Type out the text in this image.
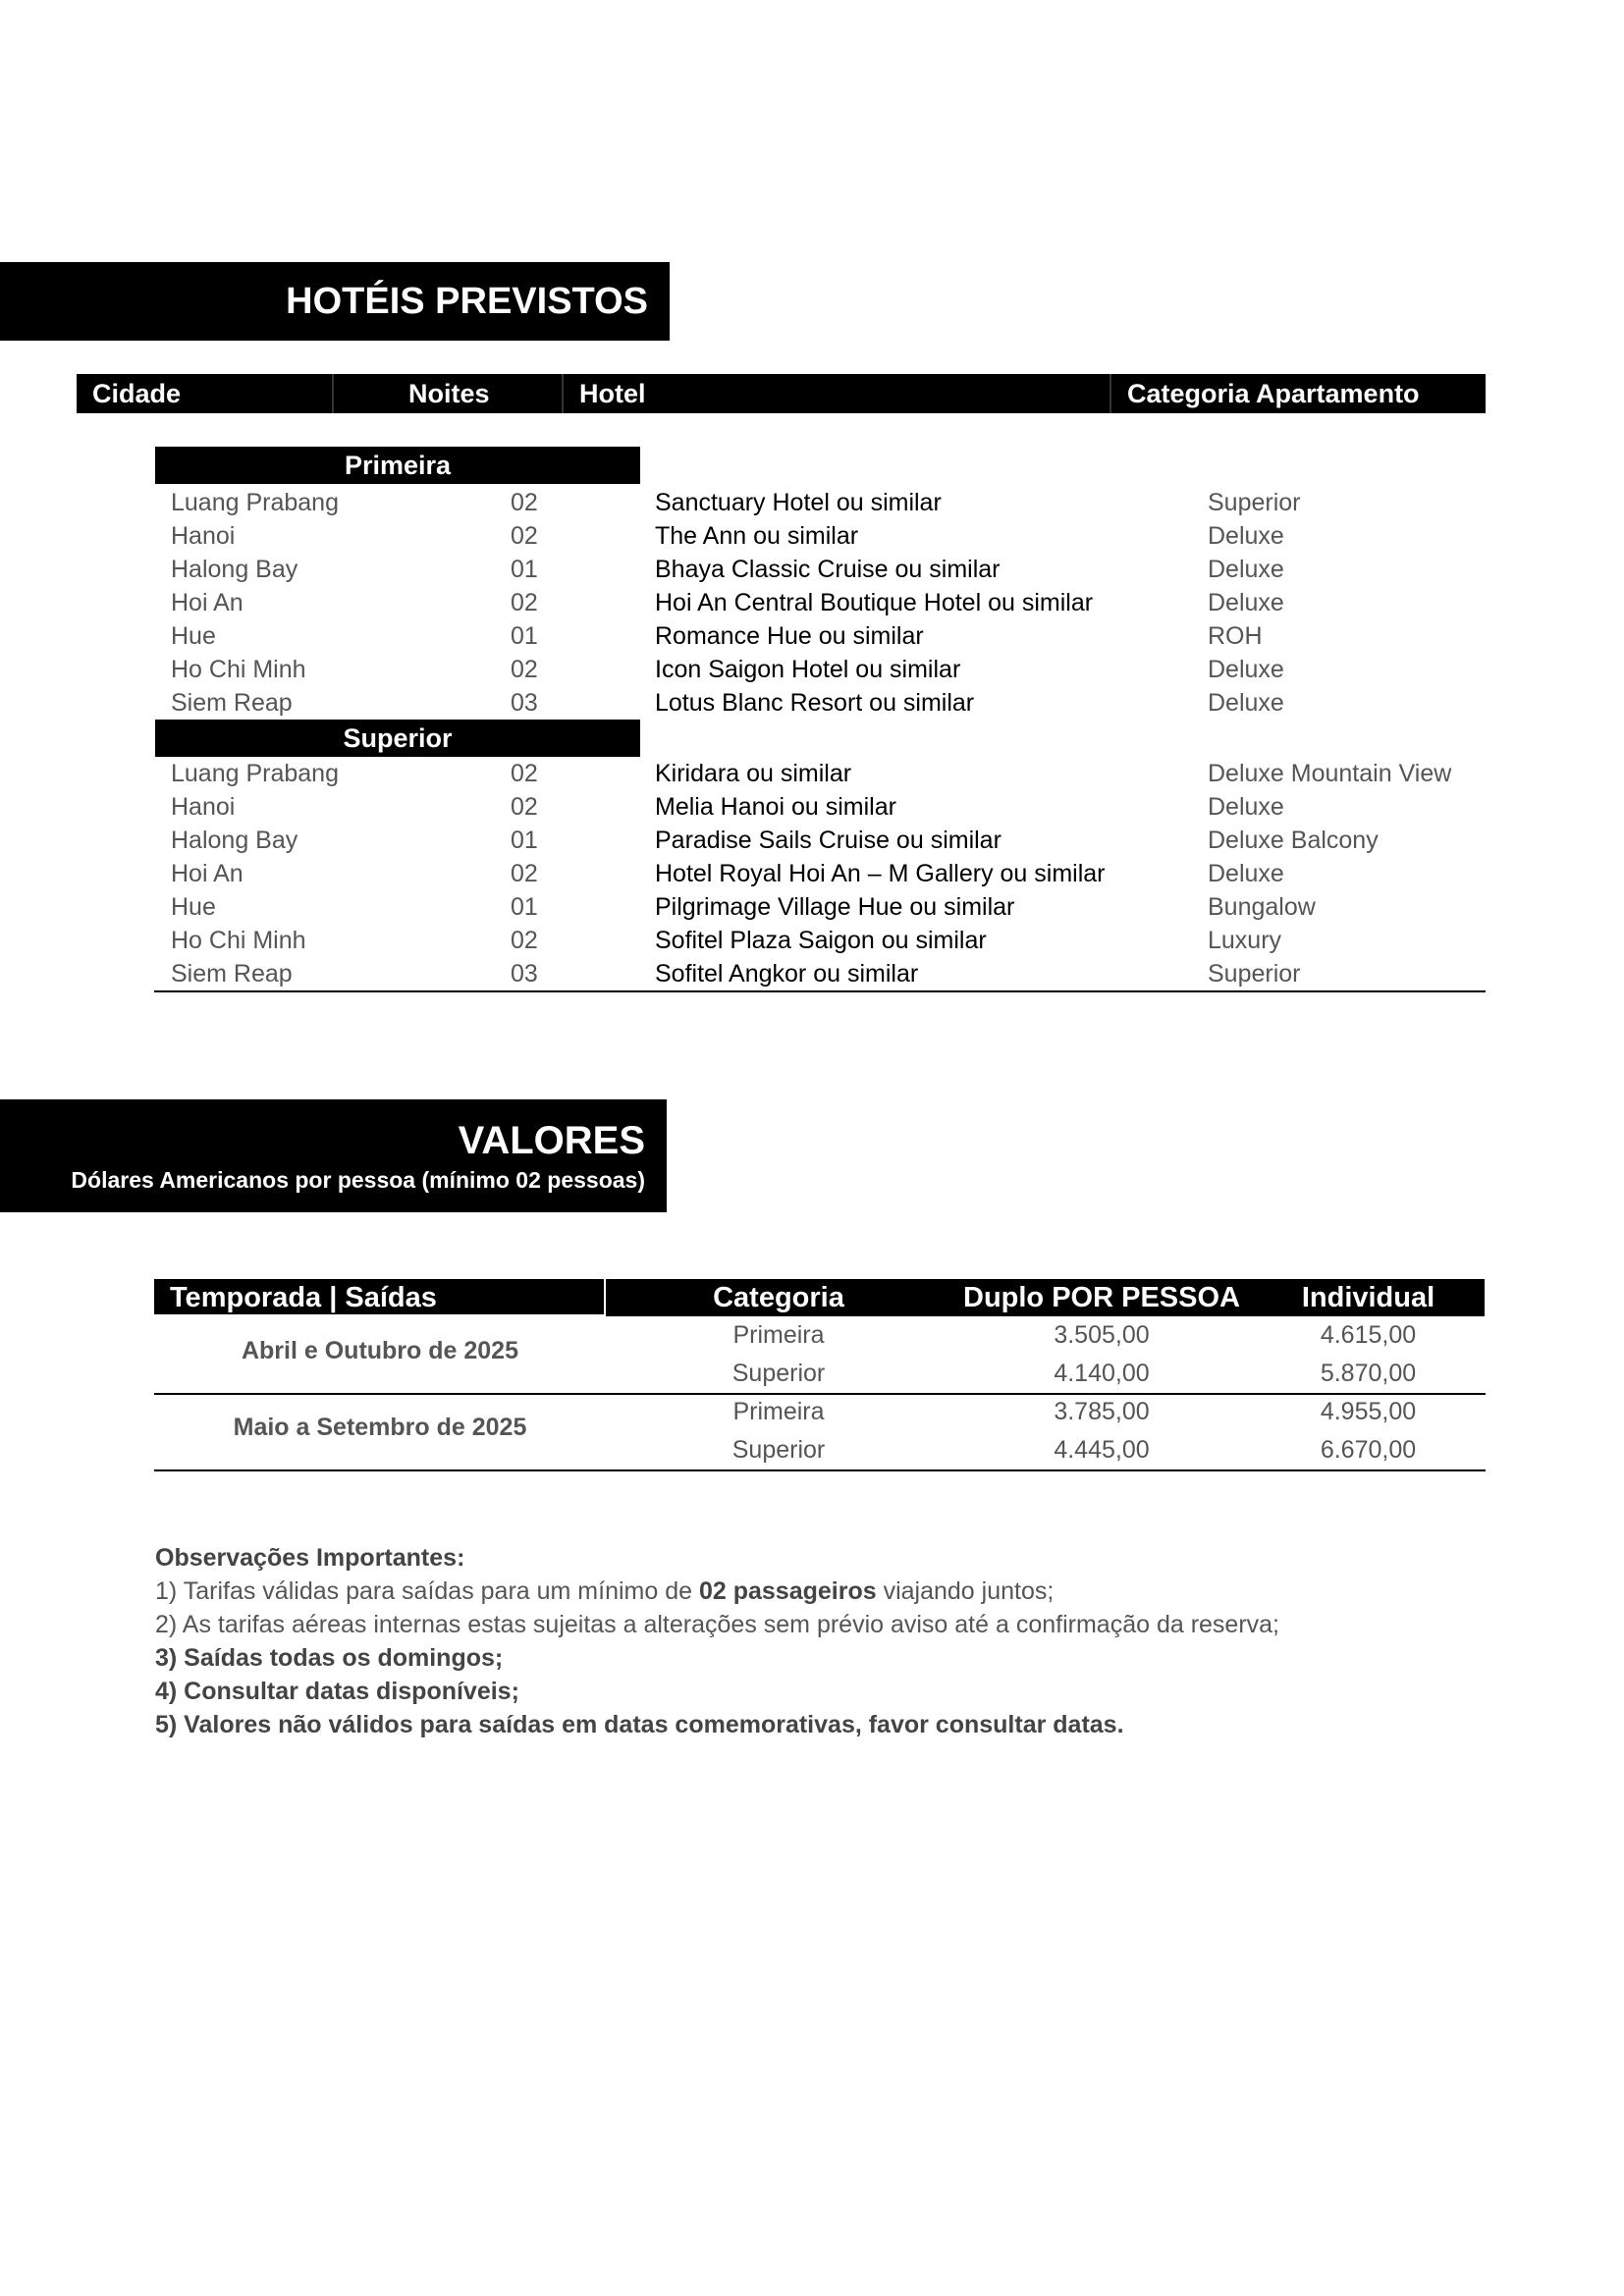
HOTÉIS PREVISTOS
Cidade	Noites	Hotel	Categoria Apartamento
Primeira
Luang Prabang	02	Sanctuary Hotel ou similar	Superior
Hanoi	02	The Ann ou similar	Deluxe
Halong Bay	01	Bhaya Classic Cruise ou similar	Deluxe
Hoi An	02	Hoi An Central Boutique Hotel ou similar	Deluxe
Hue	01	Romance Hue ou similar	ROH
Ho Chi Minh	02	Icon Saigon Hotel ou similar	Deluxe
Siem Reap	03	Lotus Blanc Resort ou similar	Deluxe
Superior
Luang Prabang	02	Kiridara ou similar	Deluxe Mountain View
Hanoi	02	Melia Hanoi ou similar	Deluxe
Halong Bay	01	Paradise Sails Cruise ou similar	Deluxe Balcony
Hoi An	02	Hotel Royal Hoi An – M Gallery ou similar	Deluxe
Hue	01	Pilgrimage Village Hue ou similar	Bungalow
Ho Chi Minh	02	Sofitel Plaza Saigon ou similar	Luxury
Siem Reap	03	Sofitel Angkor ou similar	Superior
VALORES
Dólares Americanos por pessoa (mínimo 02 pessoas)
Temporada | Saídas	Categoria	Duplo POR PESSOA	Individual
Abril e Outubro de 2025
Primeira	3.505,00	4.615,00
Superior	4.140,00	5.870,00
Maio a Setembro de 2025
Primeira	3.785,00	4.955,00
Superior	4.445,00	6.670,00
Observações Importantes:
1) Tarifas válidas para saídas para um mínimo de 02 passageiros viajando juntos;
2) As tarifas aéreas internas estas sujeitas a alterações sem prévio aviso até a confirmação da reserva;
3) Saídas todas os domingos;
4) Consultar datas disponíveis;
5) Valores não válidos para saídas em datas comemorativas, favor consultar datas.
